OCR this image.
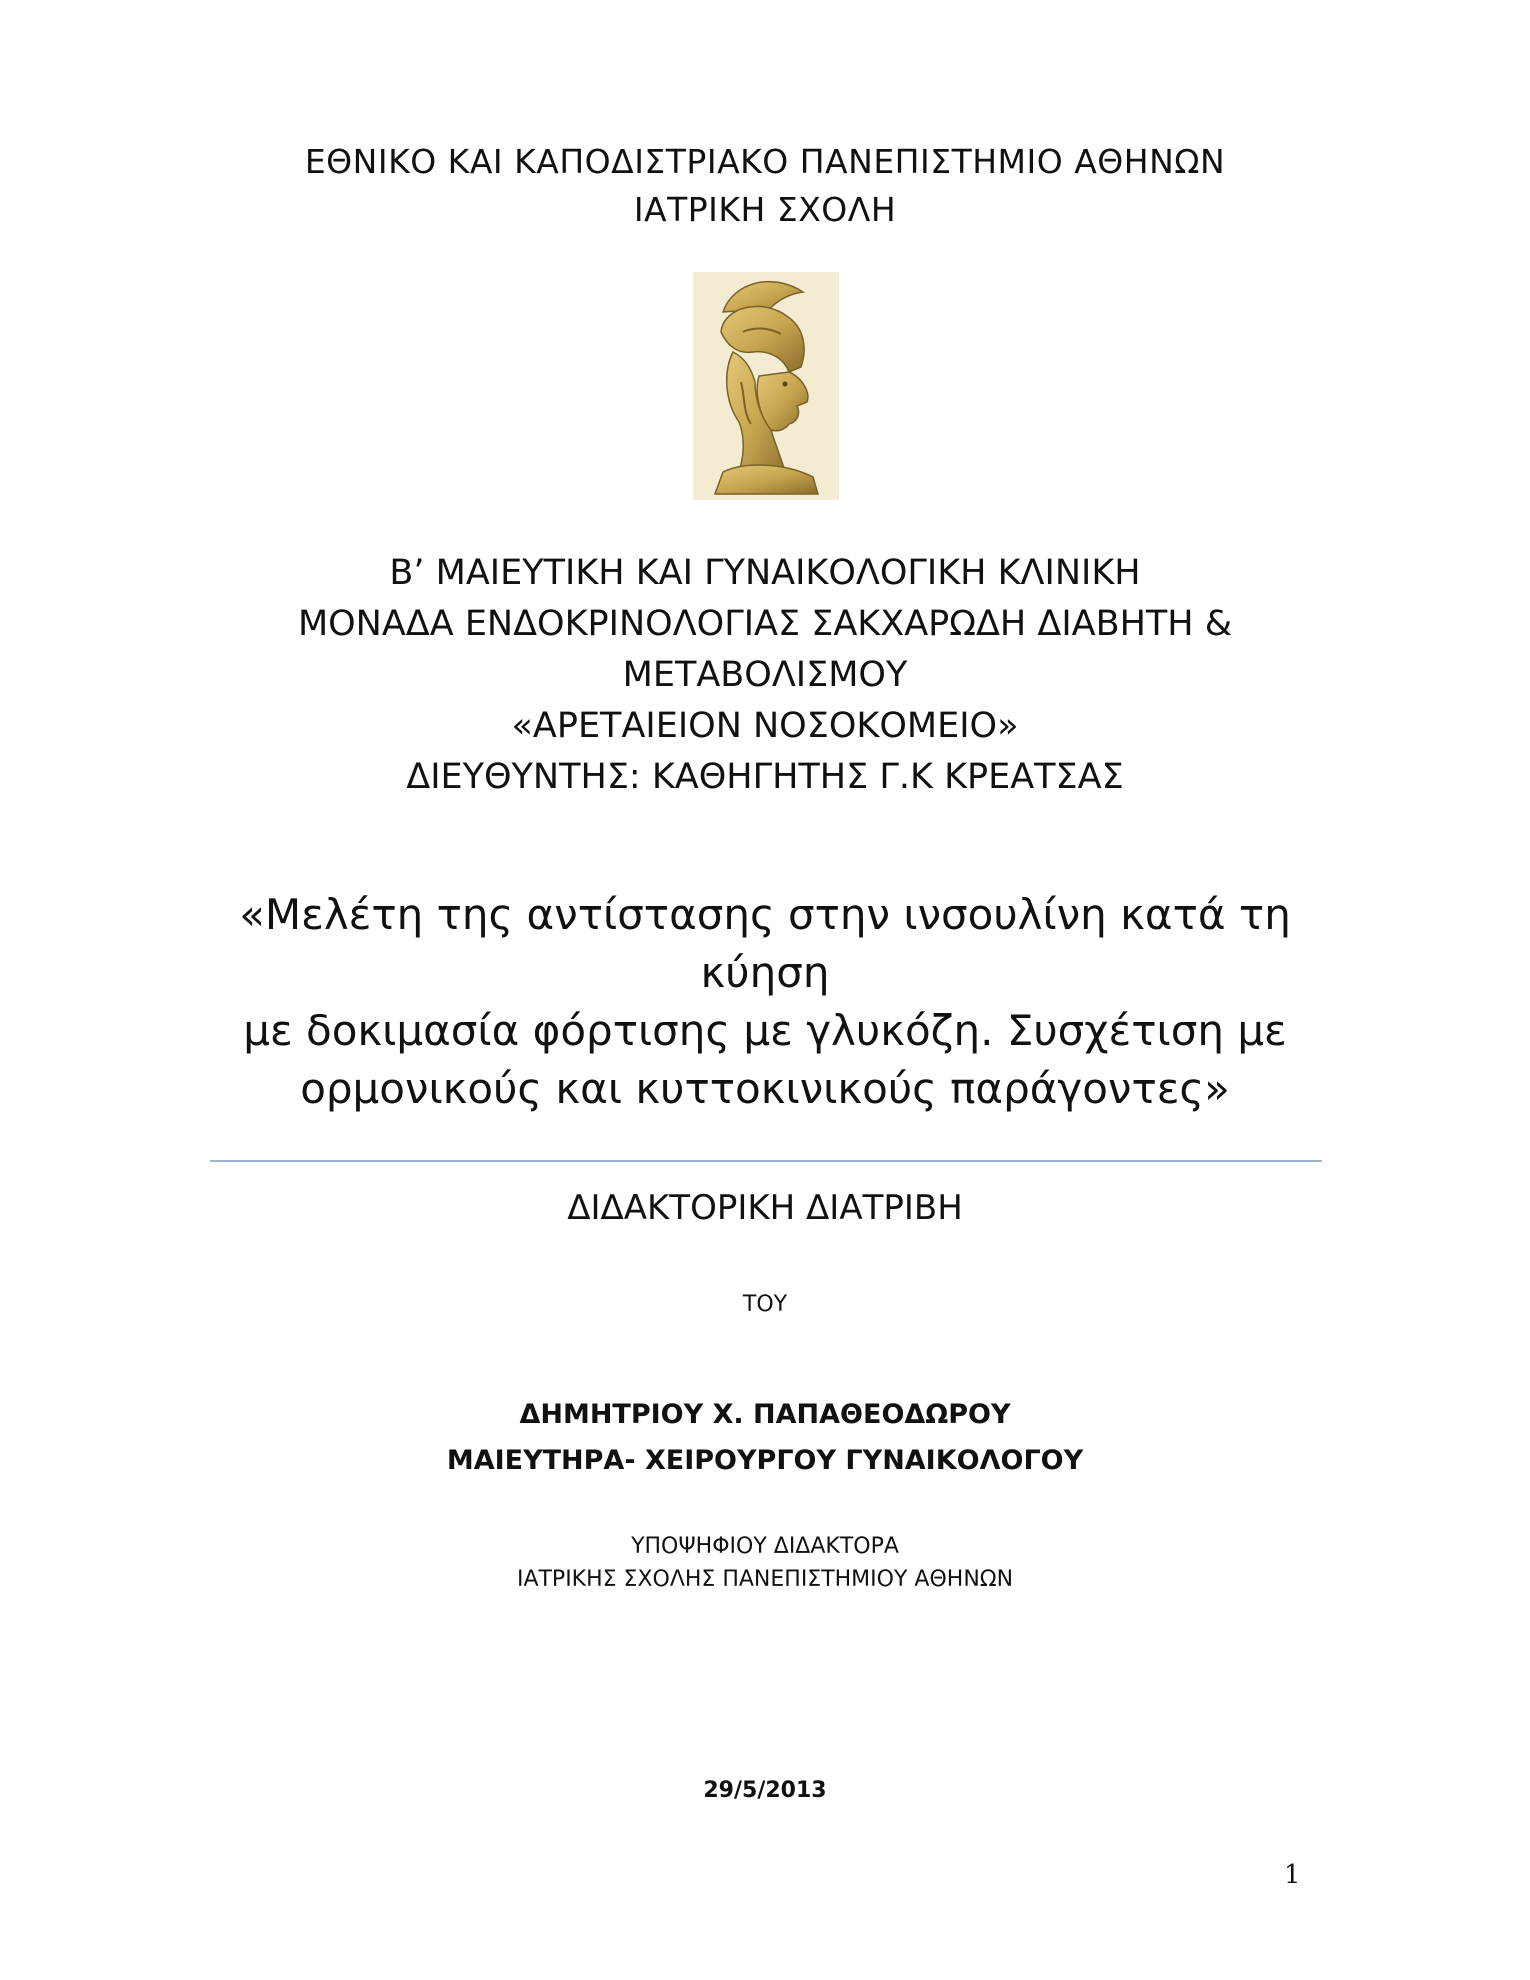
ΕΘΝΙΚΟ ΚΑΙ ΚΑΠΟΔΙΣΤΡΙΑΚΟ ΠΑΝΕΠΙΣΤΗΜΙΟ ΑΘΗΝΩΝ
ΙΑΤΡΙΚΗ ΣΧΟΛΗ
Β’ ΜΑΙΕΥΤΙΚΗ ΚΑΙ ΓΥΝΑΙΚΟΛΟΓΙΚΗ ΚΛΙΝΙΚΗ
ΜΟΝΑΔΑ ΕΝΔΟΚΡΙΝΟΛΟΓΙΑΣ ΣΑΚΧΑΡΩΔΗ ΔΙΑΒΗΤΗ &
ΜΕΤΑΒΟΛΙΣΜΟΥ
«ΑΡΕΤΑΙΕΙΟΝ ΝΟΣΟΚΟΜΕΙΟ»
ΔΙΕΥΘΥΝΤΗΣ: ΚΑΘΗΓΗΤΗΣ Γ.Κ ΚΡΕΑΤΣΑΣ
«Μελέτη της αντίστασης στην ινσουλίνη κατά τη κύηση
με δοκιμασία φόρτισης με γλυκόζη. Συσχέτιση με
ορμονικούς και κυττοκινικούς παράγοντες»
ΔΙΔΑΚΤΟΡΙΚΗ ΔΙΑΤΡΙΒΗ
ΤΟΥ
ΔΗΜΗΤΡΙΟΥ Χ. ΠΑΠΑΘΕΟΔΩΡΟΥ
ΜΑΙΕΥΤΗΡΑ- ΧΕΙΡΟΥΡΓΟΥ ΓΥΝΑΙΚΟΛΟΓΟΥ
ΥΠΟΨΗΦΙΟΥ ΔΙΔΑΚΤΟΡΑ
ΙΑΤΡΙΚΗΣ ΣΧΟΛΗΣ ΠΑΝΕΠΙΣΤΗΜΙΟΥ ΑΘΗΝΩΝ
29/5/2013
1
